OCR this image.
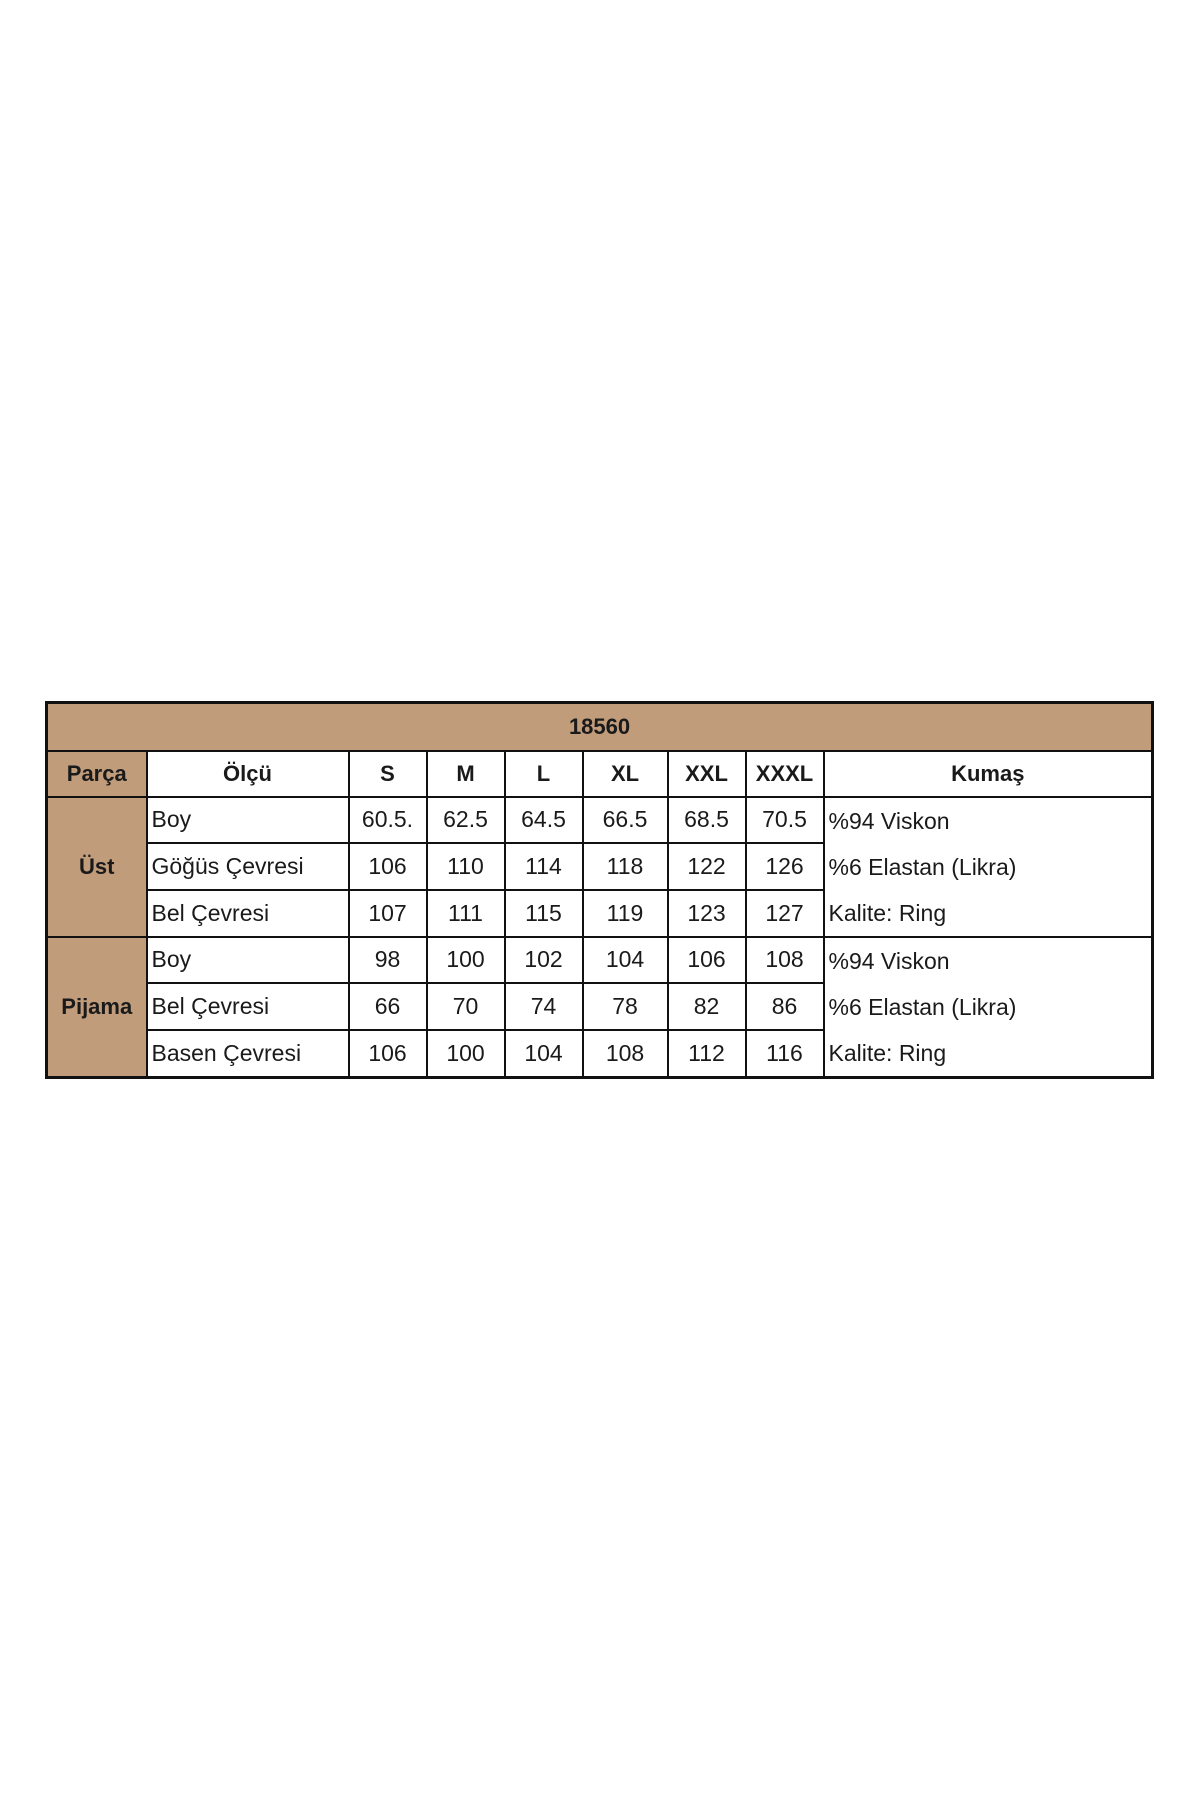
18560								
Parça	Ölçü	S	M	L	XL	XXL	XXXL	Kumaş
Üst	Boy	60.5.	62.5	64.5	66.5	68.5	70.5	%94 Viskon
%6 Elastan (Likra)
Kalite: Ring

	Göğüs Çevresi	106	110	114	118	122	126	
	Bel Çevresi	107	111	115	119	123	127	
Pijama	Boy	98	100	102	104	106	108	%94 Viskon
%6 Elastan (Likra)
Kalite: Ring

	Bel Çevresi	66	70	74	78	82	86	
	Basen Çevresi	106	100	104	108	112	116	
